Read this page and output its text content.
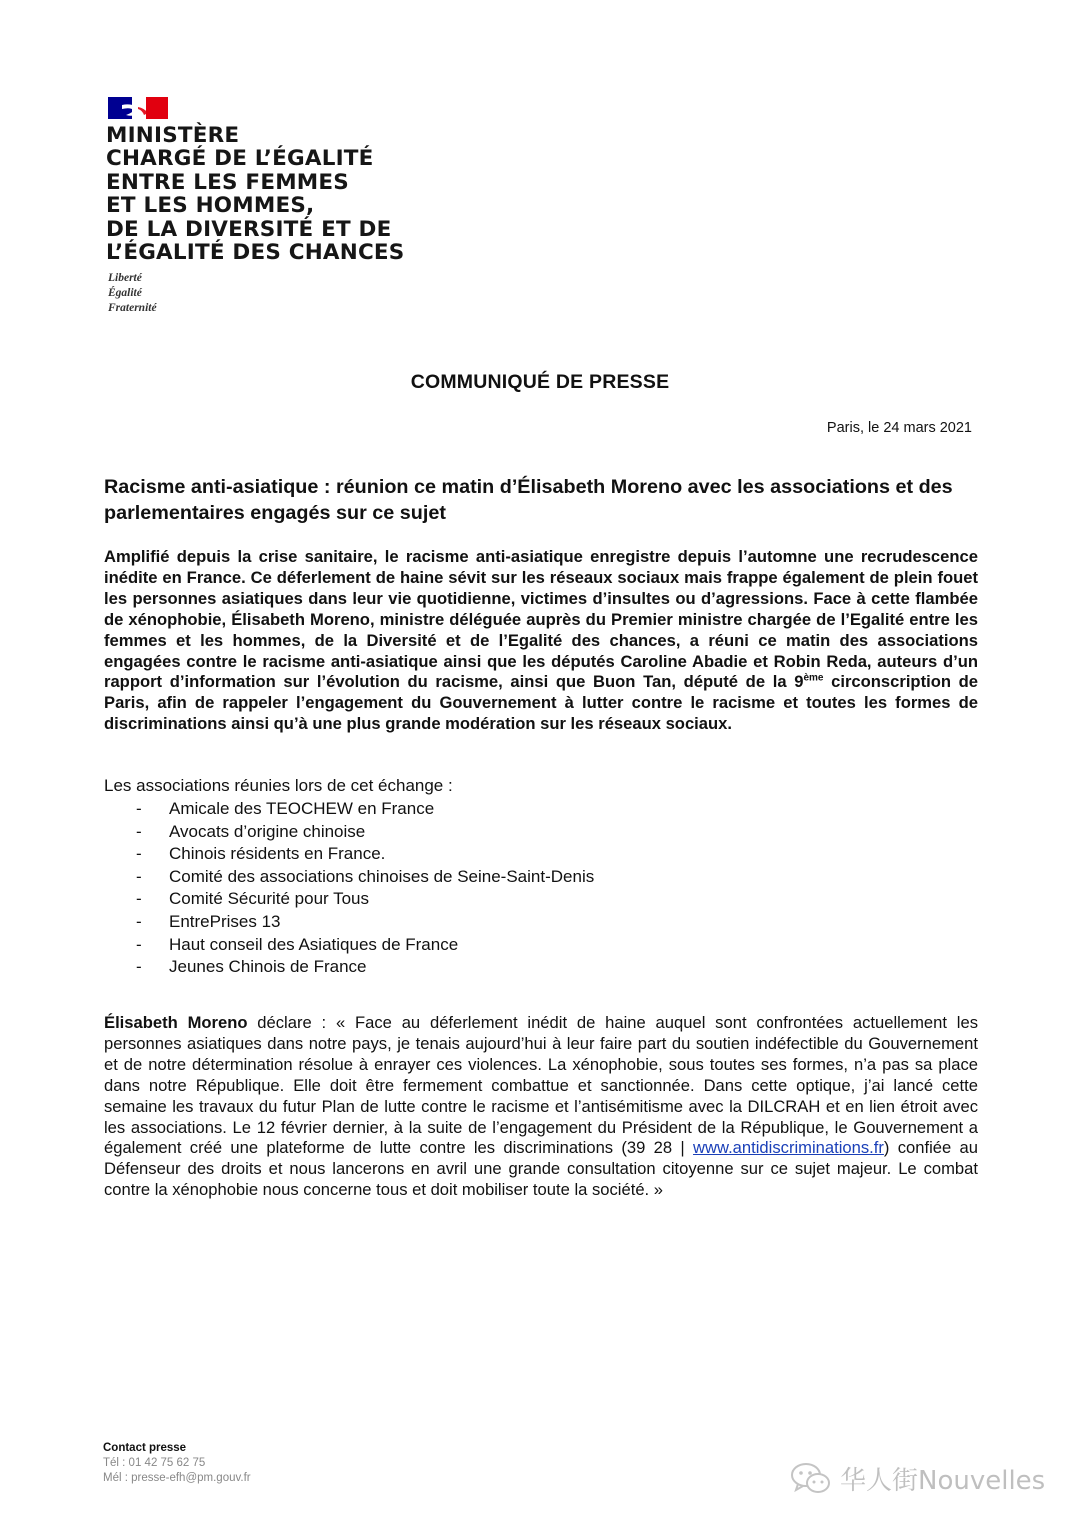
MINISTÈRE
CHARGÉ DE L’ÉGALITÉ
ENTRE LES FEMMES
ET LES HOMMES,
DE LA DIVERSITÉ ET DE
L’ÉGALITÉ DES CHANCES
Liberté
Égalité
Fraternité
COMMUNIQUÉ DE PRESSE
Paris, le 24 mars 2021
Racisme anti-asiatique : réunion ce matin d’Élisabeth Moreno avec les associations et des parlementaires engagés sur ce sujet
Amplifié depuis la crise sanitaire, le racisme anti-asiatique enregistre depuis l’automne une recrudescence inédite en France. Ce déferlement de haine sévit sur les réseaux sociaux mais frappe également de plein fouet les personnes asiatiques dans leur vie quotidienne, victimes d’insultes ou d’agressions. Face à cette flambée de xénophobie, Élisabeth Moreno, ministre déléguée auprès du Premier ministre chargée de l’Egalité entre les femmes et les hommes, de la Diversité et de l’Egalité des chances, a réuni ce matin des associations engagées contre le racisme anti-asiatique ainsi que les députés Caroline Abadie et Robin Reda, auteurs d’un rapport d’information sur l’évolution du racisme, ainsi que Buon Tan, député de la 9ème circonscription de Paris, afin de rappeler l’engagement du Gouvernement à lutter contre le racisme et toutes les formes de discriminations ainsi qu’à une plus grande modération sur les réseaux sociaux.
Les associations réunies lors de cet échange :
- Amicale des TEOCHEW en France
- Avocats d’origine chinoise
- Chinois résidents en France.
- Comité des associations chinoises de Seine-Saint-Denis
- Comité Sécurité pour Tous
- EntrePrises 13
- Haut conseil des Asiatiques de France
- Jeunes Chinois de France
Élisabeth Moreno déclare : « Face au déferlement inédit de haine auquel sont confrontées actuellement les personnes asiatiques dans notre pays, je tenais aujourd’hui à leur faire part du soutien indéfectible du Gouvernement et de notre détermination résolue à enrayer ces violences. La xénophobie, sous toutes ses formes, n’a pas sa place dans notre République. Elle doit être fermement combattue et sanctionnée. Dans cette optique, j’ai lancé cette semaine les travaux du futur Plan de lutte contre le racisme et l’antisémitisme avec la DILCRAH et en lien étroit avec les associations. Le 12 février dernier, à la suite de l’engagement du Président de la République, le Gouvernement a également créé une plateforme de lutte contre les discriminations (39 28 | www.antidiscriminations.fr) confiée au Défenseur des droits et nous lancerons en avril une grande consultation citoyenne sur ce sujet majeur. Le combat contre la xénophobie nous concerne tous et doit mobiliser toute la société. »
Contact presse
Tél : 01 42 75 62 75
Mél : presse-efh@pm.gouv.fr	华人街Nouvelles
